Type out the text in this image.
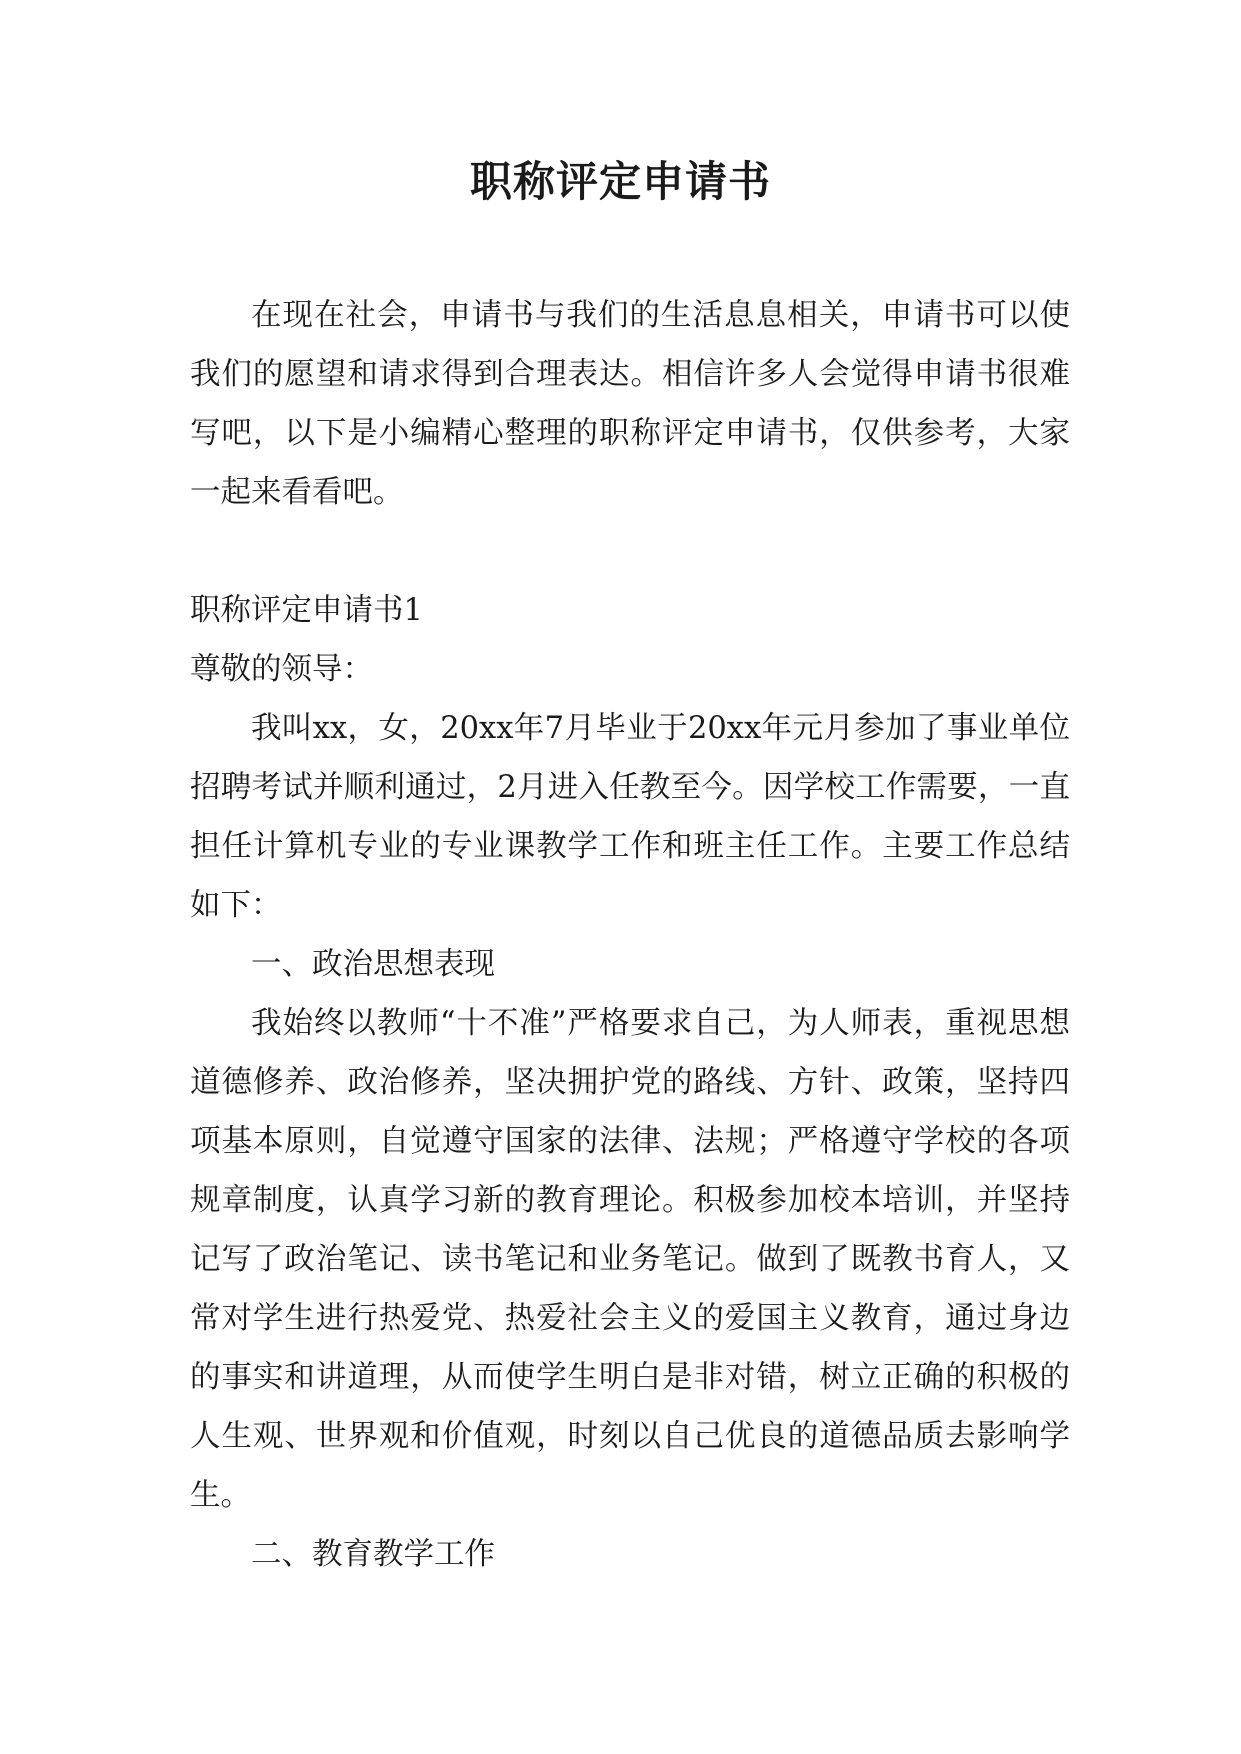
职称评定申请书

在现在社会，申请书与我们的生活息息相关，申请书可以使我们的愿望和请求得到合理表达。相信许多人会觉得申请书很难写吧，以下是小编精心整理的职称评定申请书，仅供参考，大家一起来看看吧。

职称评定申请书1

尊敬的领导：

我叫xx，女，20xx年7月毕业于20xx年元月参加了事业单位招聘考试并顺利通过，2月进入任教至今。因学校工作需要，一直担任计算机专业的专业课教学工作和班主任工作。主要工作总结如下：

一、政治思想表现

我始终以教师“十不准”严格要求自己，为人师表，重视思想道德修养、政治修养，坚决拥护党的路线、方针、政策，坚持四项基本原则，自觉遵守国家的法律、法规；严格遵守学校的各项规章制度，认真学习新的教育理论。积极参加校本培训，并坚持记写了政治笔记、读书笔记和业务笔记。做到了既教书育人，又常对学生进行热爱党、热爱社会主义的爱国主义教育，通过身边的事实和讲道理，从而使学生明白是非对错，树立正确的积极的人生观、世界观和价值观，时刻以自己优良的道德品质去影响学生。

二、教育教学工作
